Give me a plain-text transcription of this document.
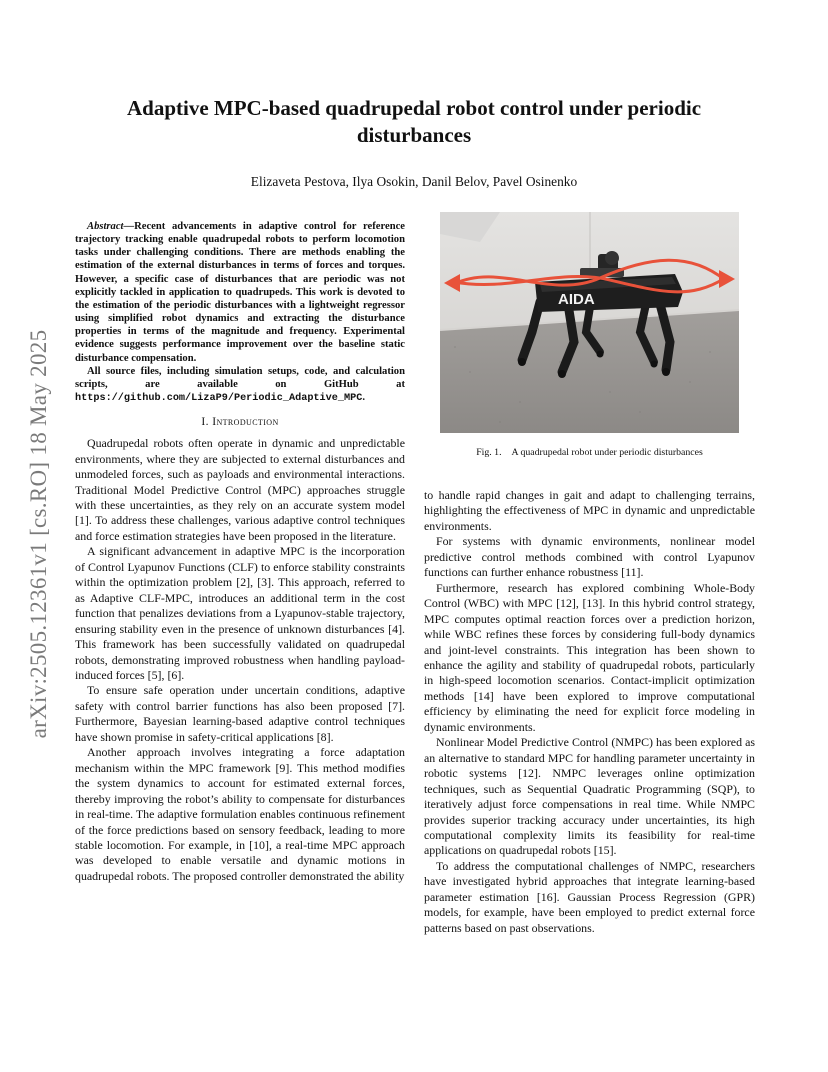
arXiv:2505.12361v1 [cs.RO] 18 May 2025
Adaptive MPC-based quadrupedal robot control under periodic disturbances
Elizaveta Pestova, Ilya Osokin, Danil Belov, Pavel Osinenko

Abstract—Recent advancements in adaptive control for reference trajectory tracking enable quadrupedal robots to perform locomotion tasks under challenging conditions. There are methods enabling the estimation of the external disturbances in terms of forces and torques. However, a specific case of disturbances that are periodic was not explicitly tackled in application to quadrupeds. This work is devoted to the estimation of the periodic disturbances with a lightweight regressor using simplified robot dynamics and extracting the disturbance properties in terms of the magnitude and frequency. Experimental evidence suggests performance improvement over the baseline static disturbance compensation.

All source files, including simulation setups, code, and calculation scripts, are available on GitHub at https://github.com/LizaP9/Periodic_Adaptive_MPC.

I. Introduction

Quadrupedal robots often operate in dynamic and unpredictable environments, where they are subjected to external disturbances and unmodeled forces, such as payloads and environmental interactions. Traditional Model Predictive Control (MPC) approaches struggle with these uncertainties, as they rely on an accurate system model [1]. To address these challenges, various adaptive control techniques and force estimation strategies have been proposed in the literature.

A significant advancement in adaptive MPC is the incorporation of Control Lyapunov Functions (CLF) to enforce stability constraints within the optimization problem [2], [3]. This approach, referred to as Adaptive CLF-MPC, introduces an additional term in the cost function that penalizes deviations from a Lyapunov-stable trajectory, ensuring stability even in the presence of unknown disturbances [4]. This framework has been successfully validated on quadrupedal robots, demonstrating improved robustness when handling payload-induced forces [5], [6].

To ensure safe operation under uncertain conditions, adaptive safety with control barrier functions has also been proposed [7]. Furthermore, Bayesian learning-based adaptive control techniques have shown promise in safety-critical applications [8].

Another approach involves integrating a force adaptation mechanism within the MPC framework [9]. This method modifies the system dynamics to account for estimated external forces, thereby improving the robot’s ability to compensate for disturbances in real-time. The adaptive formulation enables continuous refinement of the force predictions based on sensory feedback, leading to more stable locomotion. For example, in [10], a real-time MPC approach was developed to enable versatile and dynamic motions in quadrupedal robots. The proposed controller demonstrated the ability

AIDA
Fig. 1. A quadrupedal robot under periodic disturbances

to handle rapid changes in gait and adapt to challenging terrains, highlighting the effectiveness of MPC in dynamic and unpredictable environments.

For systems with dynamic environments, nonlinear model predictive control methods combined with control Lyapunov functions can further enhance robustness [11].

Furthermore, research has explored combining Whole-Body Control (WBC) with MPC [12], [13]. In this hybrid control strategy, MPC computes optimal reaction forces over a prediction horizon, while WBC refines these forces by considering full-body dynamics and joint-level constraints. This integration has been shown to enhance the agility and stability of quadrupedal robots, particularly in high-speed locomotion scenarios. Contact-implicit optimization methods [14] have been explored to improve computational efficiency by eliminating the need for explicit force modeling in dynamic environments.

Nonlinear Model Predictive Control (NMPC) has been explored as an alternative to standard MPC for handling parameter uncertainty in robotic systems [12]. NMPC leverages online optimization techniques, such as Sequential Quadratic Programming (SQP), to iteratively adjust force compensations in real time. While NMPC provides superior tracking accuracy under uncertainties, its high computational complexity limits its feasibility for real-time applications on quadrupedal robots [15].

To address the computational challenges of NMPC, researchers have investigated hybrid approaches that integrate learning-based parameter estimation [16]. Gaussian Process Regression (GPR) models, for example, have been employed to predict external force patterns based on past observations.
